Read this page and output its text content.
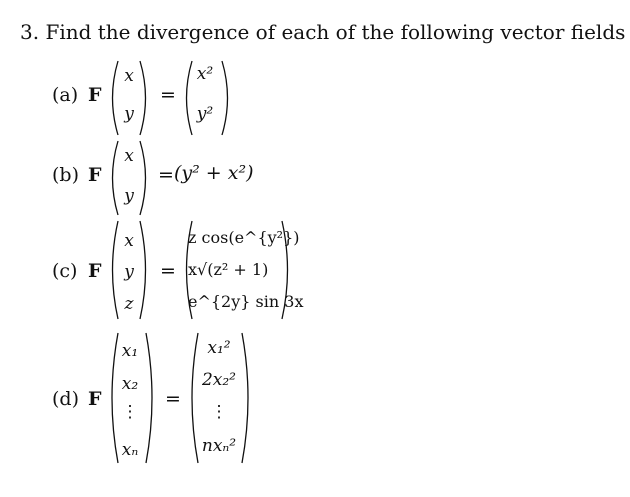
3. Find the divergence of each of the following vector fields
(a) F
x
y
=
x²
y²
(b) F
x
y
= (y² + x²)
(c) F
x
y
z
=
z cos(e^{y²})
x√(z² + 1)
e^{2y} sin 3x
(d) F
x₁
x₂
⋮
xₙ
=
x₁²
2x₂²
⋮
nxₙ²
